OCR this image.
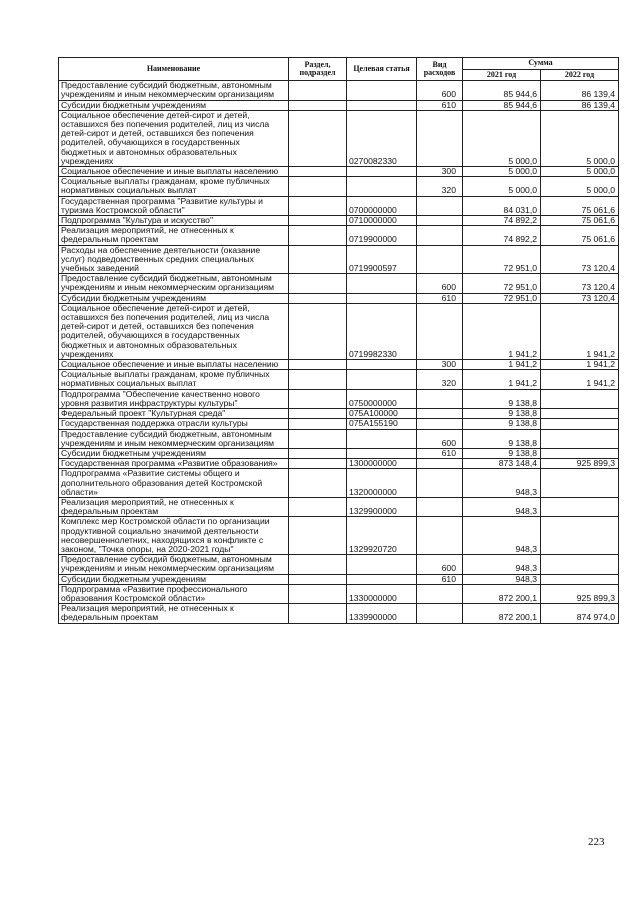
Наименование	Раздел, подраздел	Целевая статья	Вид расходов	Сумма	
				2021 год	2022 год
Предоставление субсидий бюджетным, автономным учреждениям и иным некоммерческим организациям			600	85 944,6	86 139,4
Субсидии бюджетным учреждениям			610	85 944,6	86 139,4
Социальное обеспечение детей-сирот и детей, оставшихся без попечения родителей, лиц из числа детей-сирот и детей, оставшихся без попечения родителей, обучающихся в государственных бюджетных и автономных образовательных учреждениях		0270082330		5 000,0	5 000,0
Социальное обеспечение и иные выплаты населению			300	5 000,0	5 000,0
Социальные выплаты гражданам, кроме публичных нормативных социальных выплат			320	5 000,0	5 000,0
Государственная программа "Развитие культуры и туризма Костромской области"		0700000000		84 031,0	75 061,6
Подпрограмма "Культура и искусство"		0710000000		74 892,2	75 061,6
Реализация мероприятий, не отнесенных к федеральным проектам		0719900000		74 892,2	75 061,6
Расходы на обеспечение деятельности (оказание услуг) подведомственных средних специальных учебных заведений		0719900597		72 951,0	73 120,4
Предоставление субсидий бюджетным, автономным учреждениям и иным некоммерческим организациям			600	72 951,0	73 120,4
Субсидии бюджетным учреждениям			610	72 951,0	73 120,4
Социальное обеспечение детей-сирот и детей, оставшихся без попечения родителей, лиц из числа детей-сирот и детей, оставшихся без попечения родителей, обучающихся в государственных бюджетных и автономных образовательных учреждениях		0719982330		1 941,2	1 941,2
Социальное обеспечение и иные выплаты населению			300	1 941,2	1 941,2
Социальные выплаты гражданам, кроме публичных нормативных социальных выплат			320	1 941,2	1 941,2
Подпрограмма "Обеспечение качественно нового уровня развития инфраструктуры культуры"		0750000000		9 138,8	
Федеральный проект "Культурная среда"		075A100000		9 138,8	
Государственная поддержка отрасли культуры		075A155190		9 138,8	
Предоставление субсидий бюджетным, автономным учреждениям и иным некоммерческим организациям			600	9 138,8	
Субсидии бюджетным учреждениям			610	9 138,8	
Государственная программа «Развитие образования»		1300000000		873 148,4	925 899,3
Подпрограмма «Развитие системы общего и дополнительного образования детей Костромской области»		1320000000		948,3	
Реализация мероприятий, не отнесенных к федеральным проектам		1329900000		948,3	
Комплекс мер Костромской области по организации продуктивной социально значимой деятельности несовершеннолетних, находящихся в конфликте с законом, "Точка опоры, на 2020-2021 годы"		1329920720		948,3	
Предоставление субсидий бюджетным, автономным учреждениям и иным некоммерческим организациям			600	948,3	
Субсидии бюджетным учреждениям			610	948,3	
Подпрограмма «Развитие профессионального образования Костромской области»		1330000000		872 200,1	925 899,3
Реализация мероприятий, не отнесенных к федеральным проектам		1339900000		872 200,1	874 974,0
223
